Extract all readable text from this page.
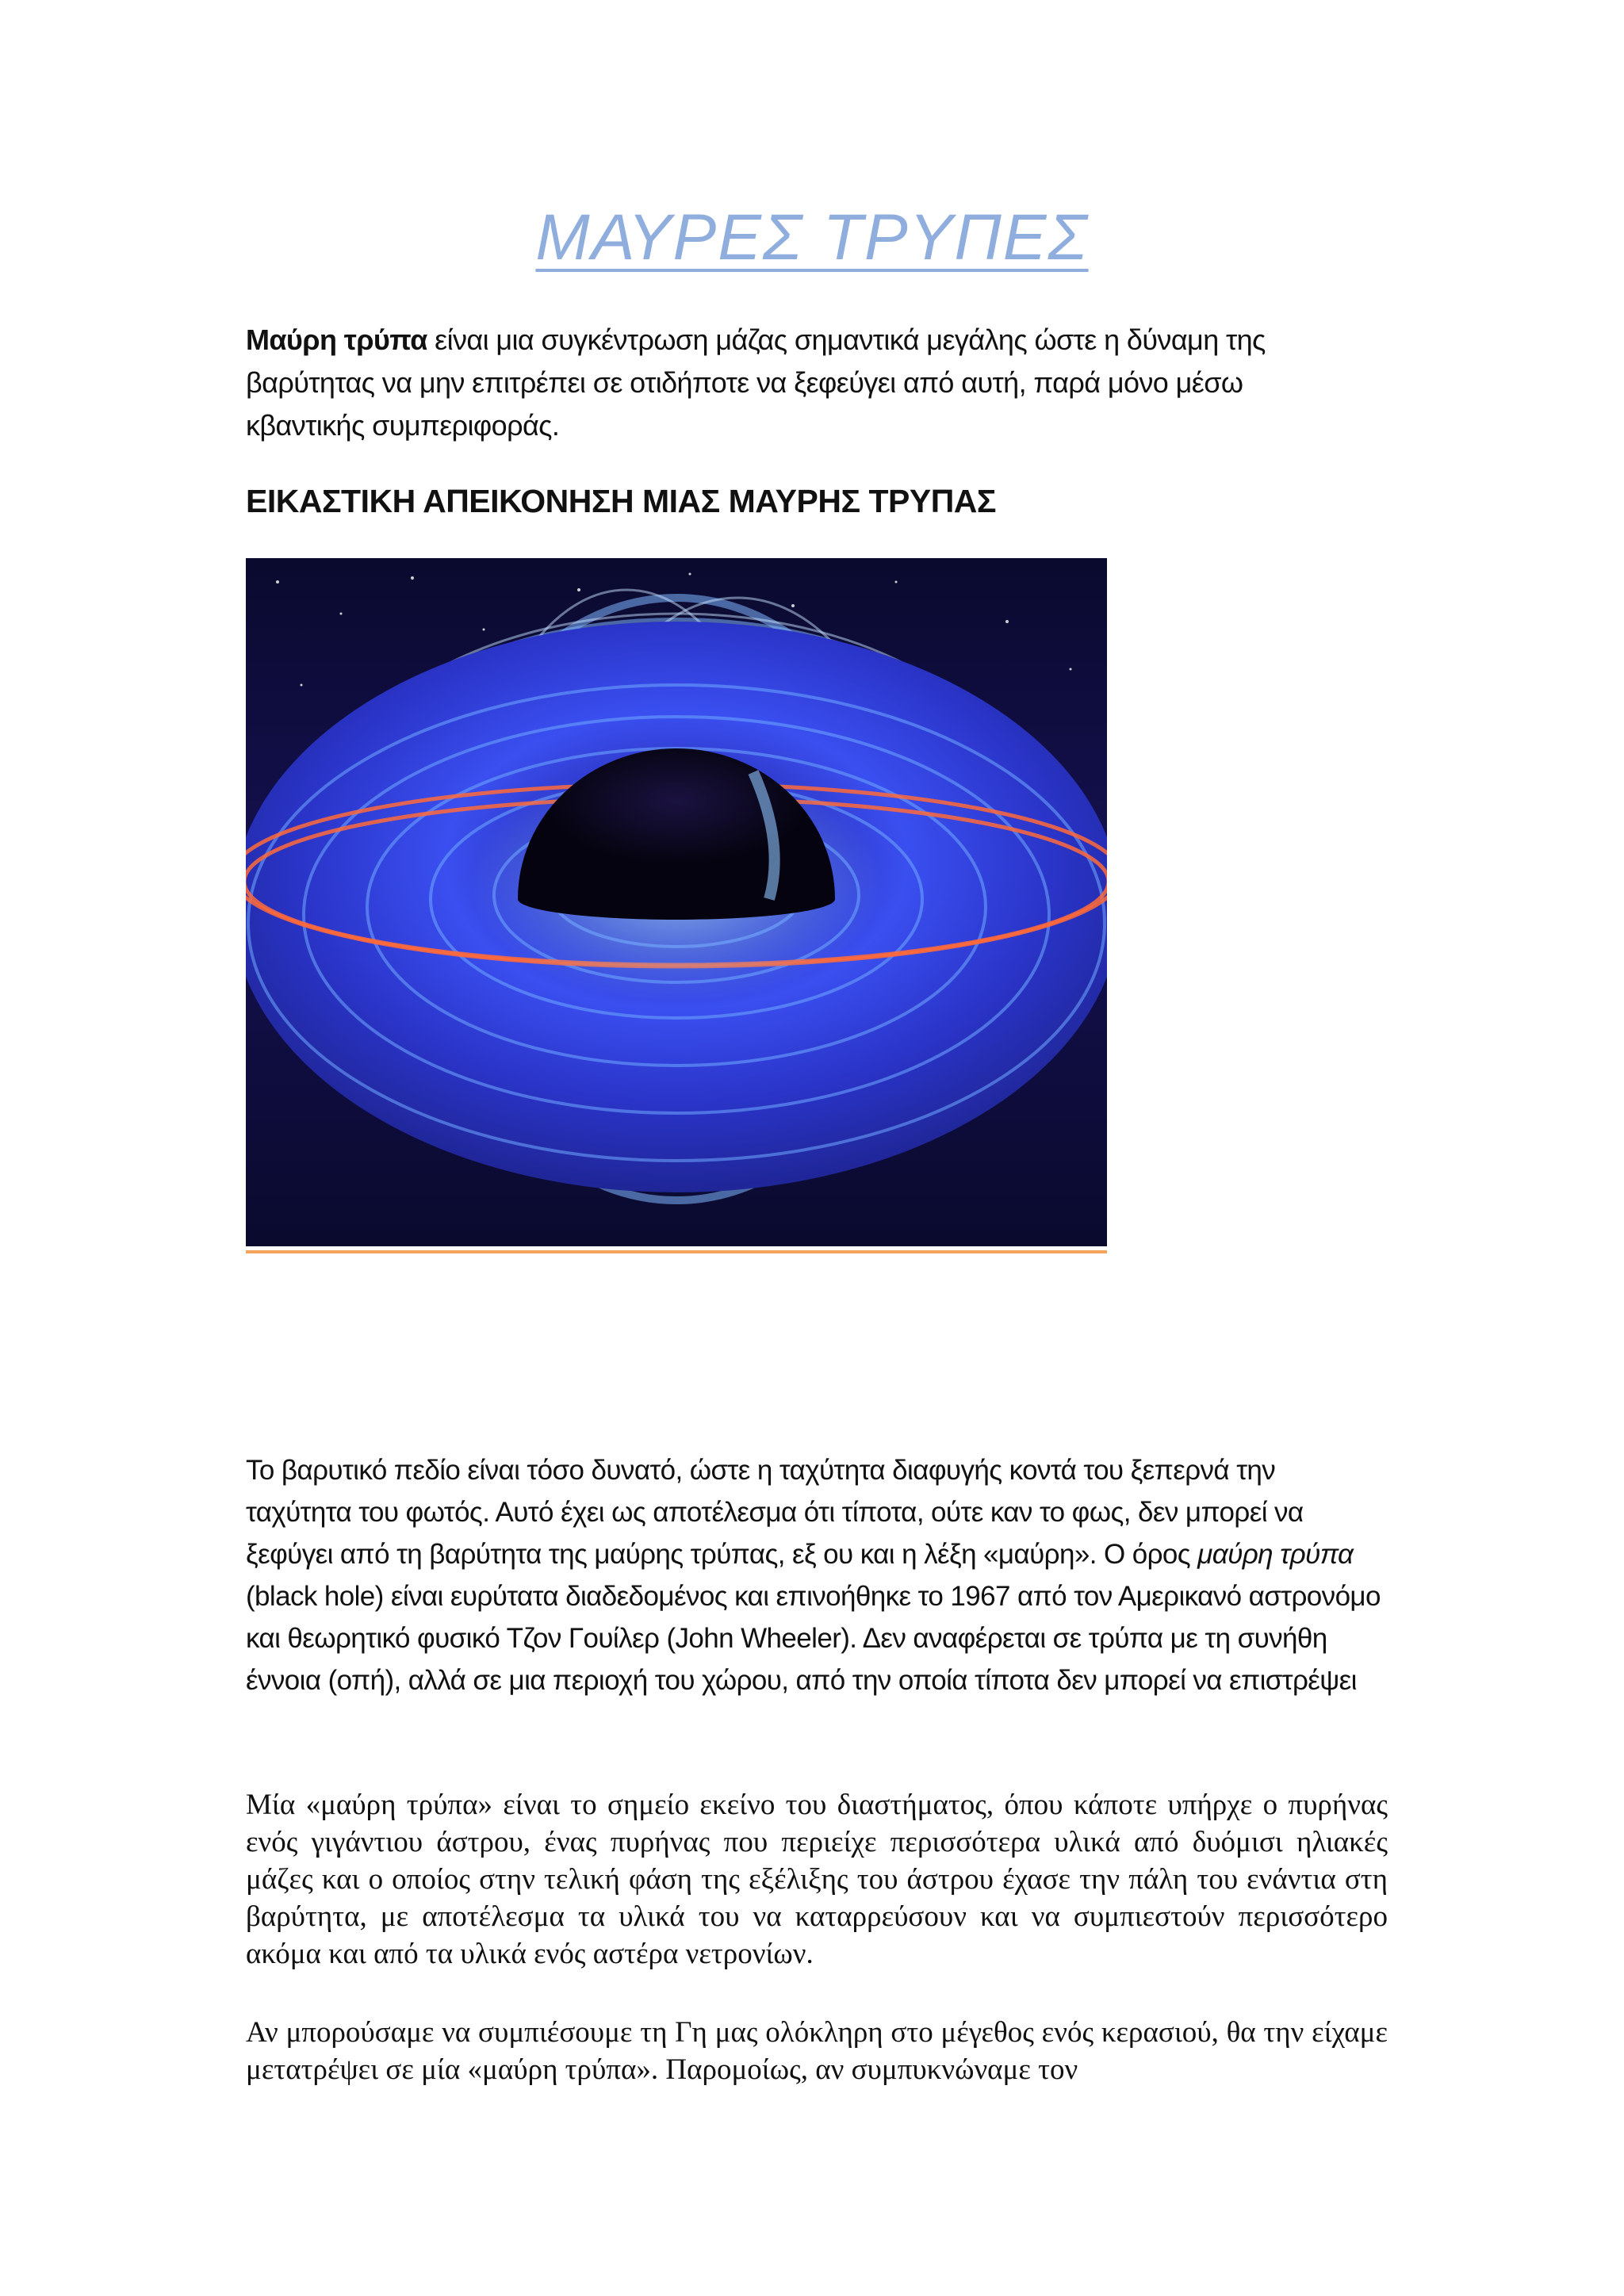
ΜΑΥΡΕΣ ΤΡΥΠΕΣ

Μαύρη τρύπα είναι μια συγκέντρωση μάζας σημαντικά μεγάλης ώστε η δύναμη της βαρύτητας να μην επιτρέπει σε οτιδήποτε να ξεφεύγει από αυτή, παρά μόνο μέσω κβαντικής συμπεριφοράς.

ΕΙΚΑΣΤΙΚΗ ΑΠΕΙΚΟΝΗΣΗ ΜΙΑΣ ΜΑΥΡΗΣ ΤΡΥΠΑΣ

Το βαρυτικό πεδίο είναι τόσο δυνατό, ώστε η ταχύτητα διαφυγής κοντά του ξεπερνά την ταχύτητα του φωτός. Αυτό έχει ως αποτέλεσμα ότι τίποτα, ούτε καν το φως, δεν μπορεί να ξεφύγει από τη βαρύτητα της μαύρης τρύπας, εξ ου και η λέξη «μαύρη». Ο όρος μαύρη τρύπα (black hole) είναι ευρύτατα διαδεδομένος και επινοήθηκε το 1967 από τον Αμερικανό αστρονόμο και θεωρητικό φυσικό Τζον Γουίλερ (John Wheeler). Δεν αναφέρεται σε τρύπα με τη συνήθη έννοια (οπή), αλλά σε μια περιοχή του χώρου, από την οποία τίποτα δεν μπορεί να επιστρέψει

Μία «μαύρη τρύπα» είναι το σημείο εκείνο του διαστήματος, όπου κάποτε υπήρχε ο πυρήνας ενός γιγάντιου άστρου, ένας πυρήνας που περιείχε περισσότερα υλικά από δυόμισι ηλιακές μάζες και ο οποίος στην τελική φάση της εξέλιξης του άστρου έχασε την πάλη του ενάντια στη βαρύτητα, με αποτέλεσμα τα υλικά του να καταρρεύσουν και να συμπιεστούν περισσότερο ακόμα και από τα υλικά ενός αστέρα νετρονίων.

Αν μπορούσαμε να συμπιέσουμε τη Γη μας ολόκληρη στο μέγεθος ενός κερασιού, θα την είχαμε μετατρέψει σε μία «μαύρη τρύπα». Παρομοίως, αν συμπυκνώναμε τον
